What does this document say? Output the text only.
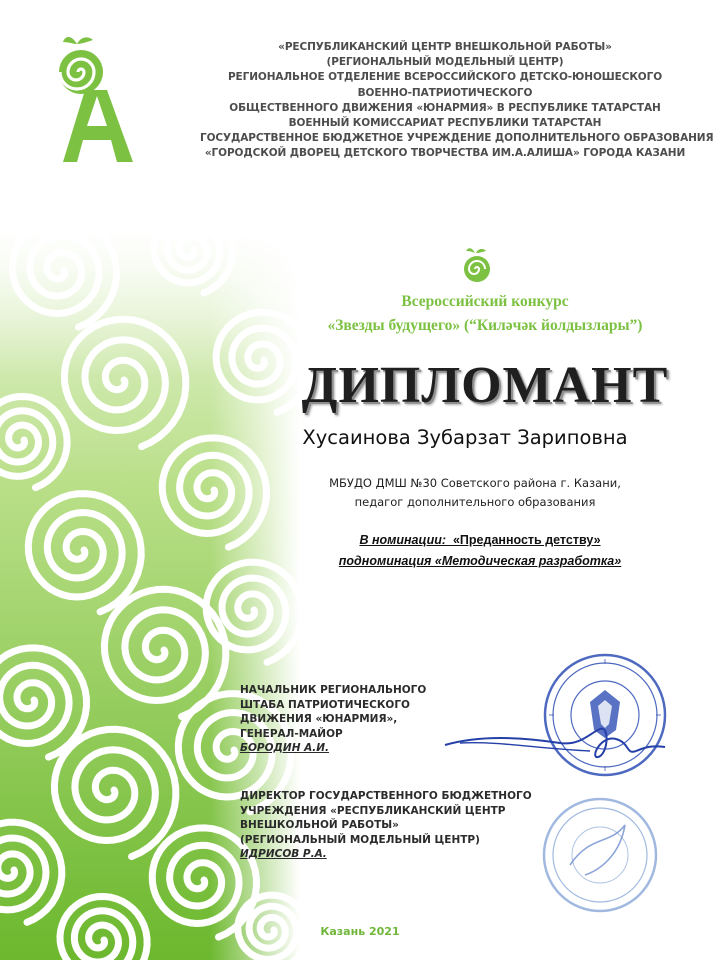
«РЕСПУБЛИКАНСКИЙ ЦЕНТР ВНЕШКОЛЬНОЙ РАБОТЫ»
(РЕГИОНАЛЬНЫЙ МОДЕЛЬНЫЙ ЦЕНТР)
РЕГИОНАЛЬНОЕ ОТДЕЛЕНИЕ ВСЕРОССИЙСКОГО ДЕТСКО-ЮНОШЕСКОГО
ВОЕННО-ПАТРИОТИЧЕСКОГО
ОБЩЕСТВЕННОГО ДВИЖЕНИЯ «ЮНАРМИЯ» В РЕСПУБЛИКЕ ТАТАРСТАН
ВОЕННЫЙ КОМИССАРИАТ РЕСПУБЛИКИ ТАТАРСТАН
ГОСУДАРСТВЕННОЕ БЮДЖЕТНОЕ УЧРЕЖДЕНИЕ ДОПОЛНИТЕЛЬНОГО ОБРАЗОВАНИЯ
«ГОРОДСКОЙ ДВОРЕЦ ДЕТСКОГО ТВОРЧЕСТВА ИМ.А.АЛИША» ГОРОДА КАЗАНИ
Всероссийский конкурс
«Звезды будущего» (“Киләчәк йолдызлары”)
ДИПЛОМАНТ
Хусаинова Зубарзат Зариповна
МБУДО ДМШ №30 Советского района г. Казани,
педагог дополнительного образования
В номинации: «Преданность детству»
подноминация «Методическая разработка»
НАЧАЛЬНИК РЕГИОНАЛЬНОГО
ШТАБА ПАТРИОТИЧЕСКОГО
ДВИЖЕНИЯ «ЮНАРМИЯ»,
ГЕНЕРАЛ-МАЙОР
БОРОДИН А.И.
ДИРЕКТОР ГОСУДАРСТВЕННОГО БЮДЖЕТНОГО
УЧРЕЖДЕНИЯ «РЕСПУБЛИКАНСКИЙ ЦЕНТР
ВНЕШКОЛЬНОЙ РАБОТЫ»
(РЕГИОНАЛЬНЫЙ МОДЕЛЬНЫЙ ЦЕНТР)
ИДРИСОВ Р.А.
Казань 2021
